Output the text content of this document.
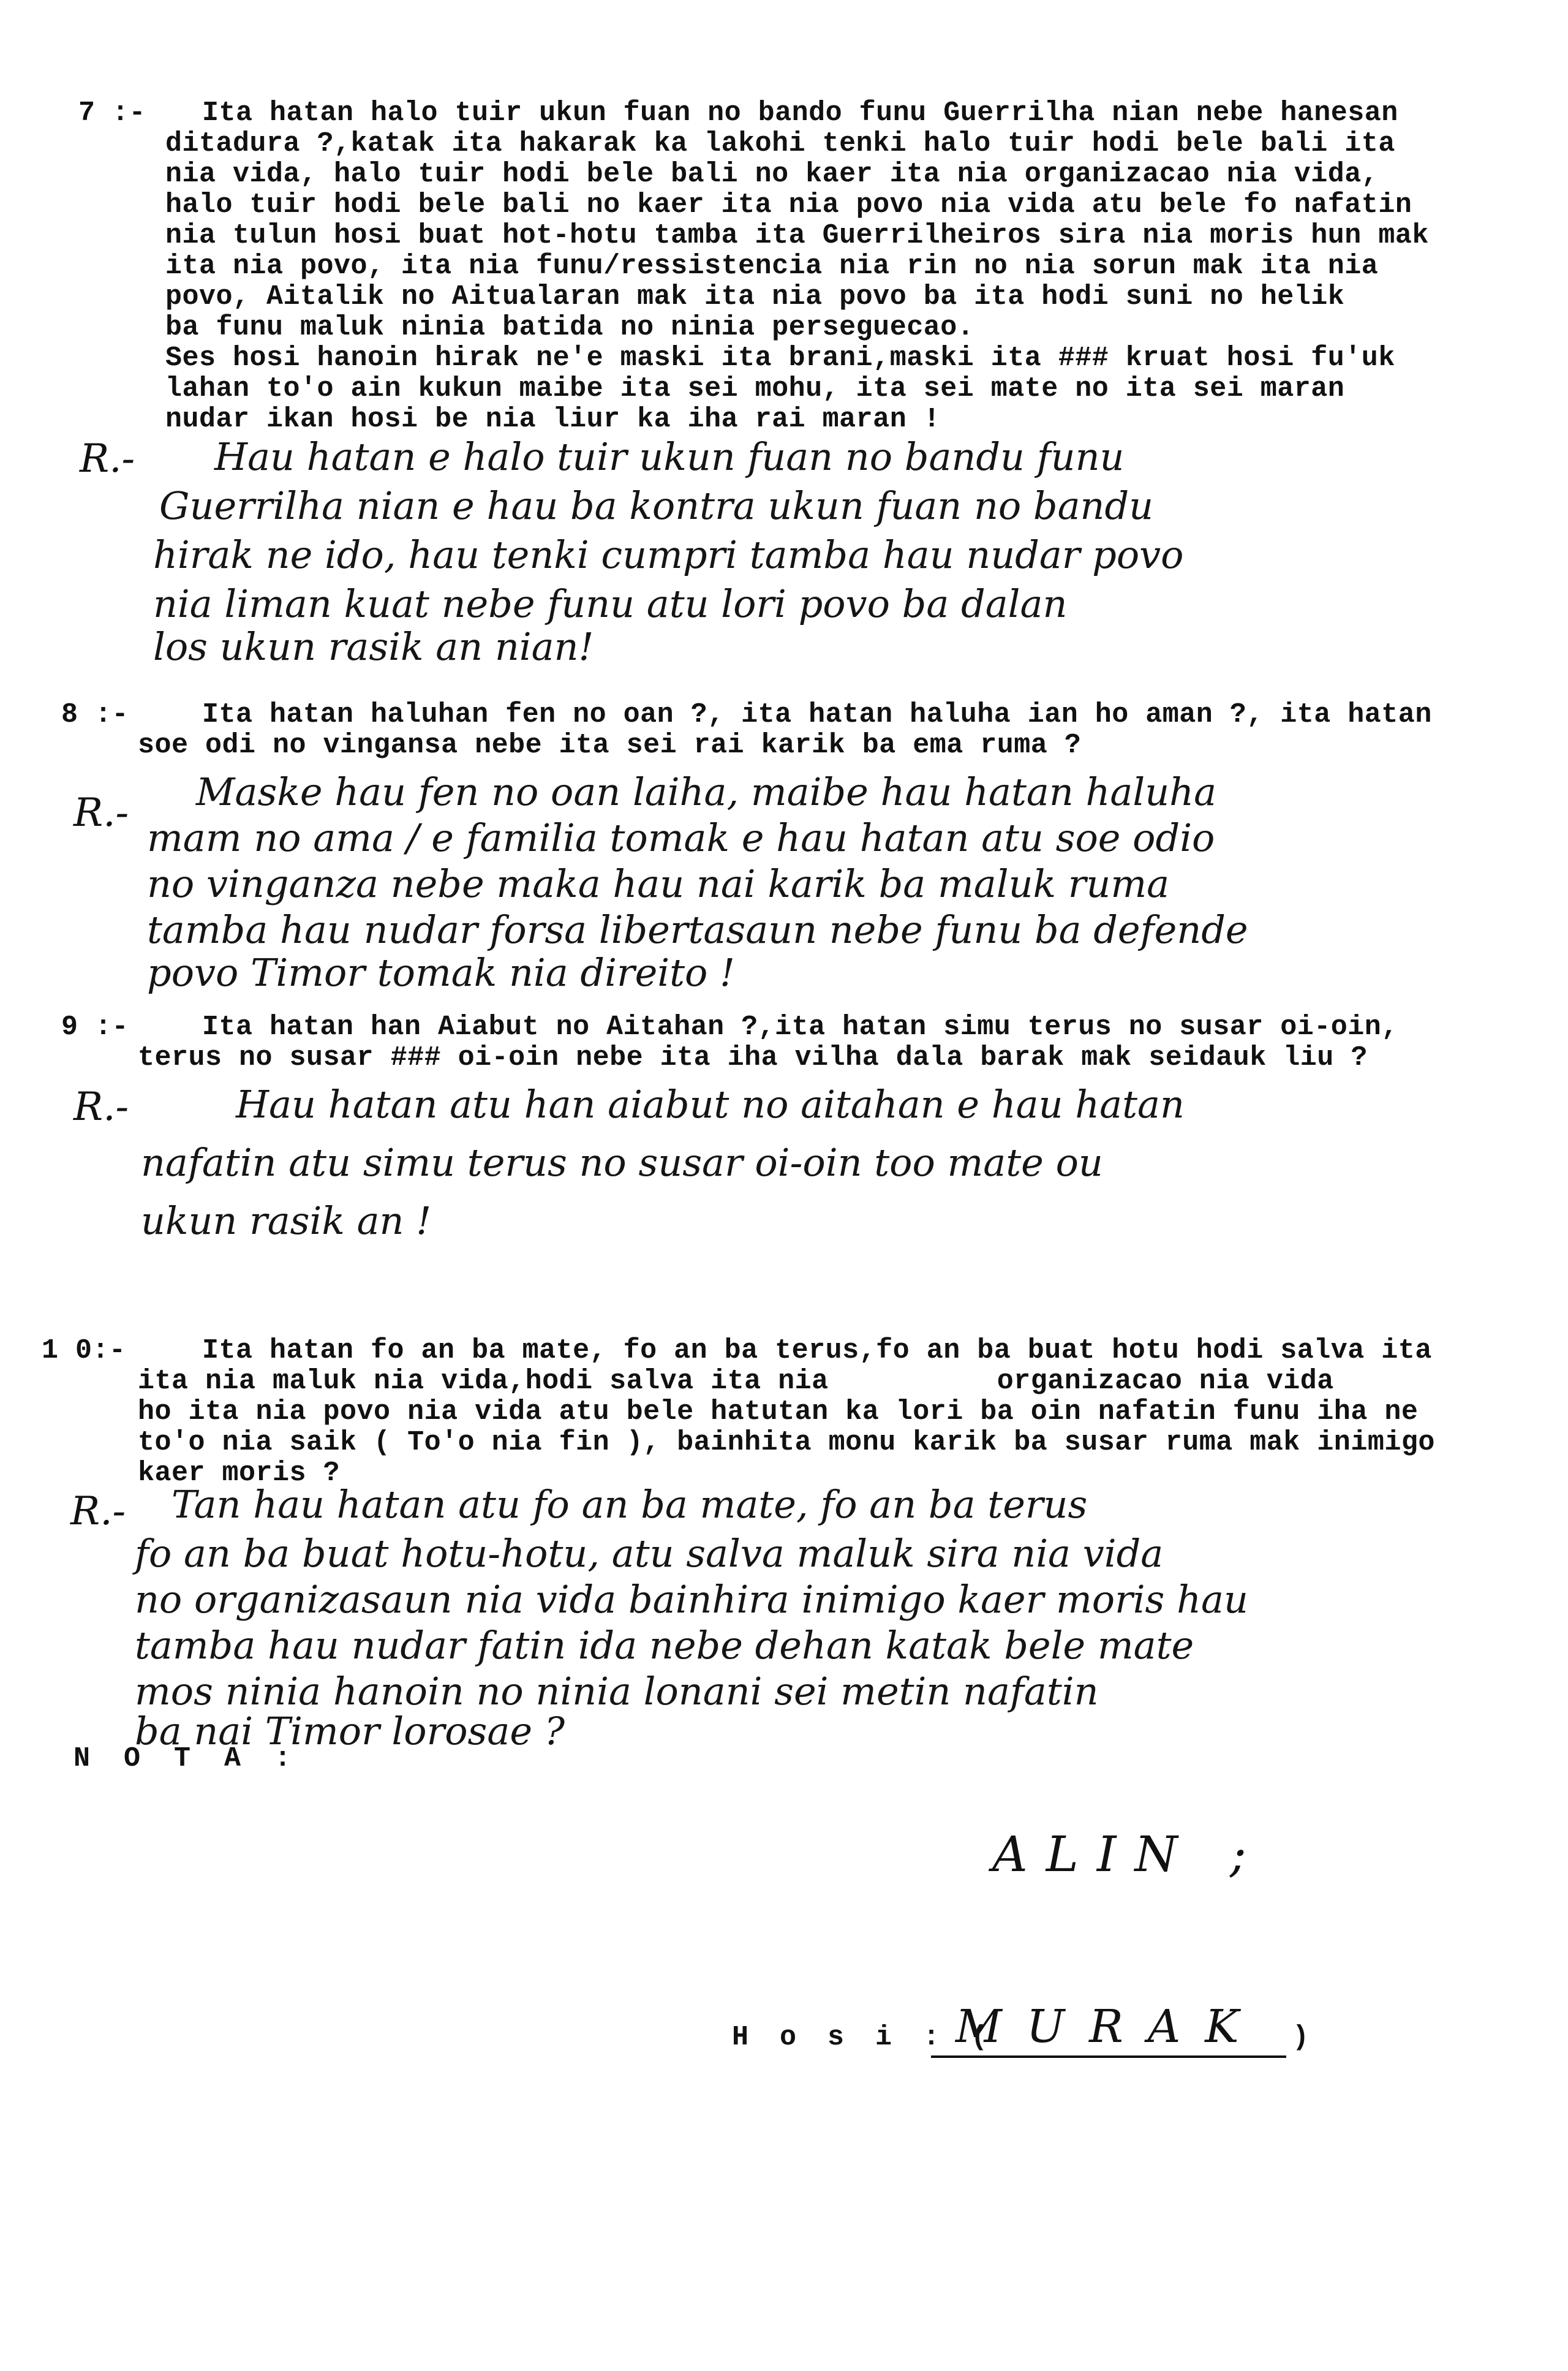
7 :-

Ita hatan halo tuir ukun fuan no bando funu Guerrilha nian nebe hanesan

ditadura ?,katak ita hakarak ka lakohi tenki halo tuir hodi bele bali ita

nia vida, halo tuir hodi bele bali no kaer ita nia organizacao nia vida,

halo tuir hodi bele bali no kaer ita nia povo nia vida atu bele fo nafatin

nia tulun hosi buat hot-hotu tamba ita Guerrilheiros sira nia moris hun mak

ita nia povo, ita nia funu/ressistencia nia rin no nia sorun mak ita nia

povo, Aitalik no Aitualaran mak ita nia povo ba ita hodi suni no helik

ba funu maluk ninia batida no ninia perseguecao.

Ses hosi hanoin hirak ne'e maski ita brani,maski ita ### kruat hosi fu'uk

lahan to'o ain kukun maibe ita sei mohu, ita sei mate no ita sei maran

nudar ikan hosi be nia liur ka iha rai maran !

R.-

Hau hatan e halo tuir ukun fuan no bandu funu

Guerrilha nian e hau ba kontra ukun fuan no bandu

hirak ne ido, hau tenki cumpri tamba hau nudar povo

nia liman kuat nebe funu atu lori povo ba dalan

los ukun rasik an nian!

8 :-

	Ita hatan haluhan fen no oan ?, ita hatan haluha ian ho aman ?, ita hatan

soe odi no vingansa nebe ita sei rai karik ba ema ruma ?

R.-

Maske hau fen no oan laiha, maibe hau hatan haluha

mam no ama / e familia tomak e hau hatan atu soe odio

no vinganza nebe maka hau nai karik ba maluk ruma

tamba hau nudar forsa libertasaun nebe funu ba defende

povo Timor tomak nia direito !

9 :-

	Ita hatan han Aiabut no Aitahan ?,ita hatan simu terus no susar oi-oin,

terus no susar ### oi-oin nebe ita iha vilha dala barak mak seidauk liu ?

R.-

	Hau hatan atu han aiabut no aitahan e hau hatan

nafatin atu simu terus no susar oi-oin too mate ou

ukun rasik an !

1 0:-

	Ita hatan fo an ba mate, fo an ba terus,fo an ba buat hotu hodi salva ita

ita nia maluk nia vida,hodi salva ita nia          organizacao nia vida

ho ita nia povo nia vida atu bele hatutan ka lori ba oin nafatin funu iha ne

to'o nia saik ( To'o nia fin ), bainhita monu karik ba susar ruma mak inimigo

kaer moris ?

R.-

Tan hau hatan atu fo an ba mate, fo an ba terus

fo an ba buat hotu-hotu, atu salva maluk sira nia vida

no organizasaun nia vida bainhira inimigo kaer moris hau

tamba hau nudar fatin ida nebe dehan katak bele mate

mos ninia hanoin no ninia lonani sei metin nafatin

ba nai Timor lorosae ?

N O T A :
ALIN ;
H o s i : (
MURAK )
